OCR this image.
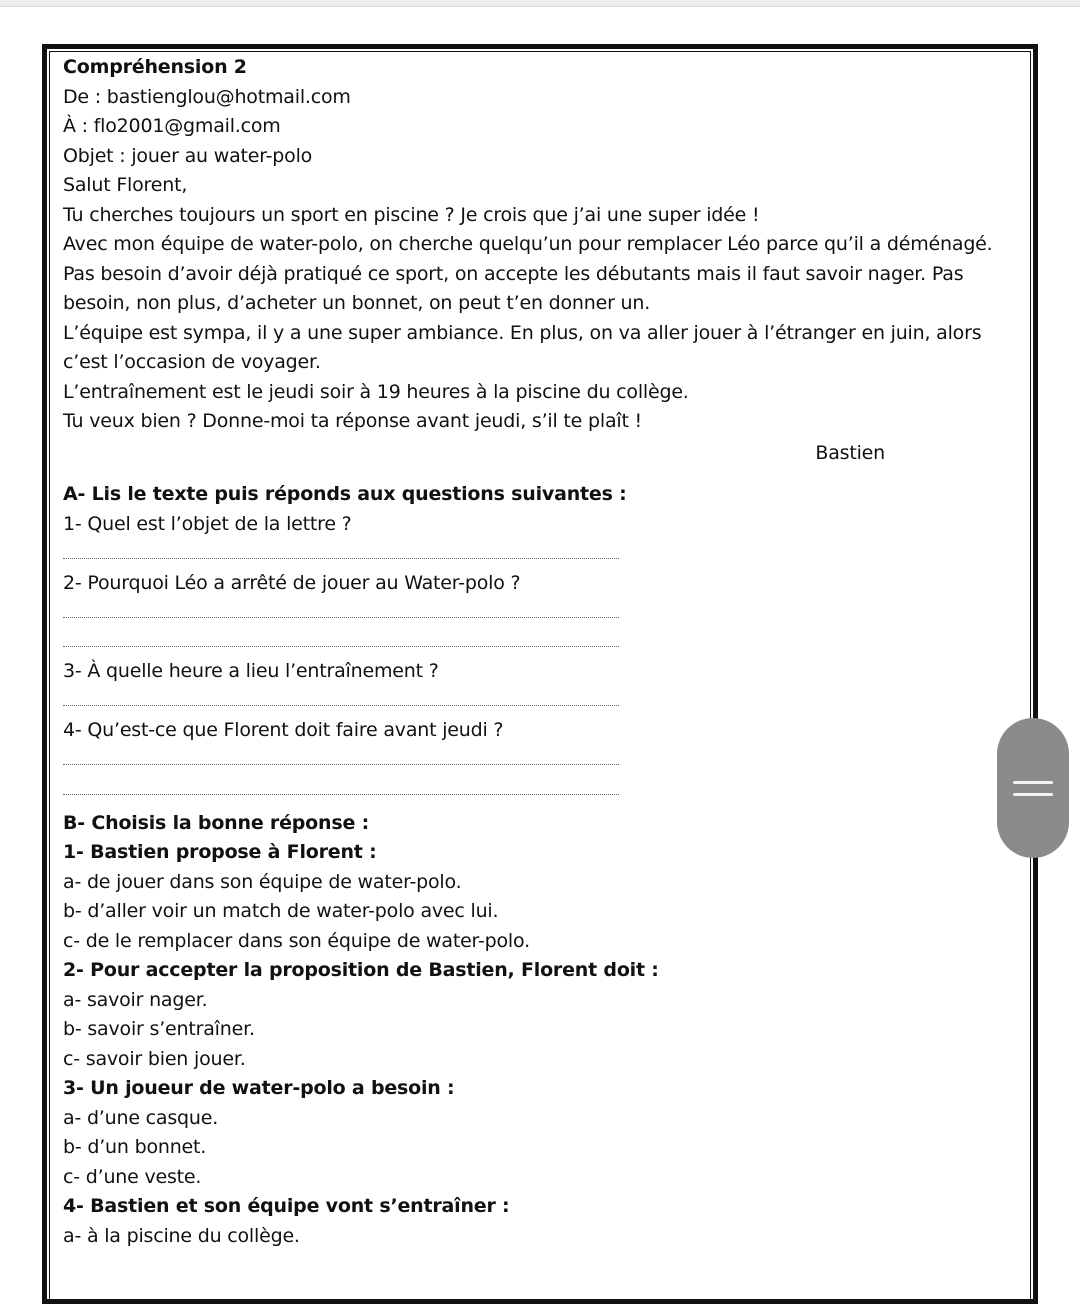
Compréhension 2
De : bastienglou@hotmail.com
À : flo2001@gmail.com
Objet : jouer au water-polo
Salut Florent,
Tu cherches toujours un sport en piscine ? Je crois que j’ai une super idée !
Avec mon équipe de water-polo, on cherche quelqu’un pour remplacer Léo parce qu’il a déménagé.
Pas besoin d’avoir déjà pratiqué ce sport, on accepte les débutants mais il faut savoir nager. Pas
besoin, non plus, d’acheter un bonnet, on peut t’en donner un.
L’équipe est sympa, il y a une super ambiance. En plus, on va aller jouer à l’étranger en juin, alors
c’est l’occasion de voyager.
L’entraînement est le jeudi soir à 19 heures à la piscine du collège.
Tu veux bien ? Donne-moi ta réponse avant jeudi, s’il te plaît !
Bastien
A- Lis le texte puis réponds aux questions suivantes :
1- Quel est l’objet de la lettre ?
2- Pourquoi Léo a arrêté de jouer au Water-polo ?
3- À quelle heure a lieu l’entraînement ?
4- Qu’est-ce que Florent doit faire avant jeudi ?
B- Choisis la bonne réponse :
1- Bastien propose à Florent :
a- de jouer dans son équipe de water-polo.
b- d’aller voir un match de water-polo avec lui.
c- de le remplacer dans son équipe de water-polo.
2- Pour accepter la proposition de Bastien, Florent doit :
a- savoir nager.
b- savoir s’entraîner.
c- savoir bien jouer.
3- Un joueur de water-polo a besoin :
a- d’une casque.
b- d’un bonnet.
c- d’une veste.
4- Bastien et son équipe vont s’entraîner :
a- à la piscine du collège.
